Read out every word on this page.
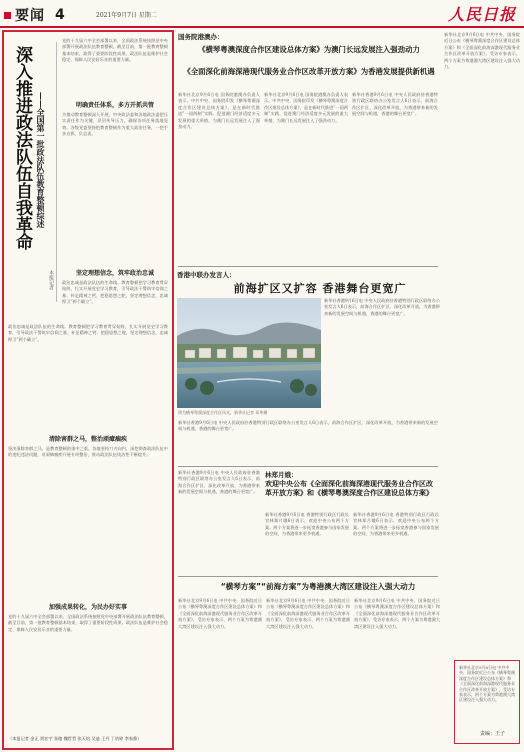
要闻 4	2021年9月7日 星期二	人民日报
深入推进政法队伍自我革命 ——全国第一批政法队伍教育整顿综述
本报记者
党的十九届六中全会部署以来，全国政法系统按照党中央部署开展政法队伍教育整顿，截至目前，第一批教育整顿基本结束，取得了重要阶段性成果。政法队伍是维护社会稳定、保障人民安居乐业的重要力量。
明确责任体系，多方开抓共管
为推动教育整顿深入开展，中央政法委和各地政法委把压实责任作为关键，层层传导压力，确保各项任务落地见效。各级党委坚持把教育整顿作为重大政治任务，一把手亲自抓、负总责。
坚定理想信念，筑牢政治忠诚
政治忠诚是政法队伍的生命线。教育整顿把学习教育贯穿始终，扎实开展党史学习教育，引导政法干警筑牢信仰之基、补足精神之钙、把稳思想之舵，坚定理想信念，忠诚捍卫“两个确立”。
政治忠诚是政法队伍的生命线。教育整顿把学习教育贯穿始终，扎实开展党史学习教育，引导政法干警筑牢信仰之基、补足精神之钙、把稳思想之舵，坚定理想信念，忠诚捍卫“两个确立”。
清除害群之马，整治顽瘴痼疾
坚决清除害群之马，是教育整顿的重中之重。各地坚持刀刃向内，深挖彻查政法队伍中的违纪违法问题，对顽瘴痼疾开展专项整治，推动政法队伍纯洁性不断提升。
加强成果转化，为民办好实事
党的十九届六中全会部署以来，全国政法系统按照党中央部署开展政法队伍教育整顿，截至目前，第一批教育整顿基本结束，取得了重要阶段性成果。政法队伍是维护社会稳定、保障人民安居乐业的重要力量。
（本报记者 金正 贾宏宇 张璁 魏哲哲 张天培 吴迪 王丹 丁怡婷 李家鼎）
国务院港澳办：
《横琴粤澳深度合作区建设总体方案》为澳门长远发展注入强劲动力
《全面深化前海深港现代服务业合作区改革开放方案》为香港发展提供新机遇
新华社北京9月6日电 国务院港澳办负责人表示，中共中央、国务院印发《横琴粤澳深度合作区建设总体方案》，是在新时代推进“一国两制”实践、促进澳门经济适度多元发展的重大举措，为澳门长远发展注入了强劲动力。
新华社北京9月6日电 国务院港澳办负责人表示，中共中央、国务院印发《横琴粤澳深度合作区建设总体方案》，是在新时代推进“一国两制”实践、促进澳门经济适度多元发展的重大举措，为澳门长远发展注入了强劲动力。
新华社香港9月6日电 中央人民政府驻香港特别行政区联络办公室发言人6日表示，前海合作区扩区、深化改革开放，为香港带来新的发展空间与机遇，香港的舞台更宽广。
新华社北京9月6日电 中共中央、国务院近日公布《横琴粤澳深度合作区建设总体方案》和《全面深化前海深港现代服务业合作区改革开放方案》，受访专家表示，两个方案为粤港澳大湾区建设注入强大动力。
香港中联办发言人：
前海扩区又扩容 香港舞台更宽广
图为横琴粤澳深度合作区风光。新华社记者 邓华摄
新华社香港9月6日电 中央人民政府驻香港特别行政区联络办公室发言人6日表示，前海合作区扩区、深化改革开放，为香港带来新的发展空间与机遇，香港的舞台更宽广。
新华社香港9月6日电 中央人民政府驻香港特别行政区联络办公室发言人6日表示，前海合作区扩区、深化改革开放，为香港带来新的发展空间与机遇，香港的舞台更宽广。
林郑月娥：
欢迎中央公布《全面深化前海深港现代服务业合作区改革开放方案》和《横琴粤澳深度合作区建设总体方案》
新华社香港9月6日电 中央人民政府驻香港特别行政区联络办公室发言人6日表示，前海合作区扩区、深化改革开放，为香港带来新的发展空间与机遇，香港的舞台更宽广。
新华社香港9月6日电 香港特别行政区行政长官林郑月娥6日表示，欢迎中央公布两个方案。两个方案将进一步拓宽香港参与国家发展的空间，为香港带来更多机遇。
新华社香港9月6日电 香港特别行政区行政长官林郑月娥6日表示，欢迎中央公布两个方案。两个方案将进一步拓宽香港参与国家发展的空间，为香港带来更多机遇。
“横琴方案”“前海方案”为粤港澳大湾区建设注入强大动力
新华社北京9月6日电 中共中央、国务院近日公布《横琴粤澳深度合作区建设总体方案》和《全面深化前海深港现代服务业合作区改革开放方案》，受访专家表示，两个方案为粤港澳大湾区建设注入强大动力。
新华社北京9月6日电 中共中央、国务院近日公布《横琴粤澳深度合作区建设总体方案》和《全面深化前海深港现代服务业合作区改革开放方案》，受访专家表示，两个方案为粤港澳大湾区建设注入强大动力。
新华社北京9月6日电 中共中央、国务院近日公布《横琴粤澳深度合作区建设总体方案》和《全面深化前海深港现代服务业合作区改革开放方案》，受访专家表示，两个方案为粤港澳大湾区建设注入强大动力。
新华社北京9月6日电 中共中央、国务院近日公布《横琴粤澳深度合作区建设总体方案》和《全面深化前海深港现代服务业合作区改革开放方案》，受访专家表示，两个方案为粤港澳大湾区建设注入强大动力。
责编：王子
